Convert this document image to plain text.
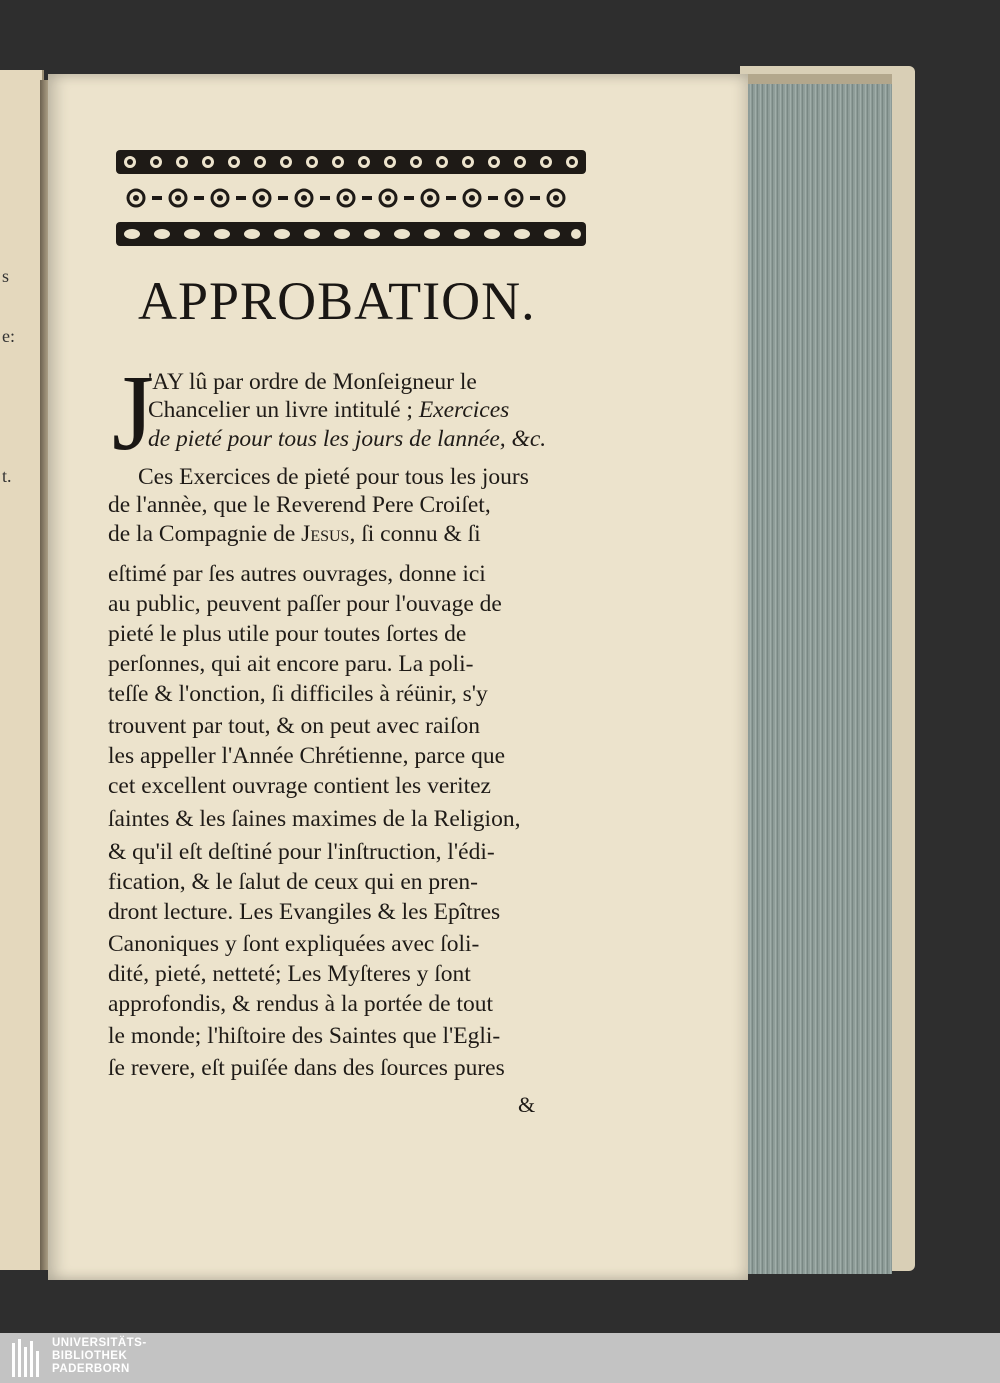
s
e:
t.
APPROBATION.
J
'AY lû par ordre de Monſeigneur le
Chancelier un livre intitulé ; Exercices
de pieté pour tous les jours de lannée, &c.
Ces Exercices de pieté pour tous les jours
de l'annèe, que le Reverend Pere Croiſet,
de la Compagnie de Jesus, ſi connu & ſi
eſtimé par ſes autres ouvrages, donne ici
au public, peuvent paſſer pour l'ouvage de
pieté le plus utile pour toutes ſortes de
perſonnes, qui ait encore paru. La poli-
teſſe & l'onction, ſi difficiles à réünir, s'y
trouvent par tout, & on peut avec raiſon
les appeller l'Année Chrétienne, parce que
cet excellent ouvrage contient les veritez
ſaintes & les ſaines maximes de la Religion,
& qu'il eſt deſtiné pour l'inſtruction, l'édi-
fication, & le ſalut de ceux qui en pren-
dront lecture. Les Evangiles & les Epîtres
Canoniques y ſont expliquées avec ſoli-
dité, pieté, netteté; Les Myſteres y ſont
approfondis, & rendus à la portée de tout
le monde; l'hiſtoire des Saintes que l'Egli-
ſe revere, eſt puiſée dans des ſources pures
&
UNIVERSITÄTS-
BIBLIOTHEK
PADERBORN
